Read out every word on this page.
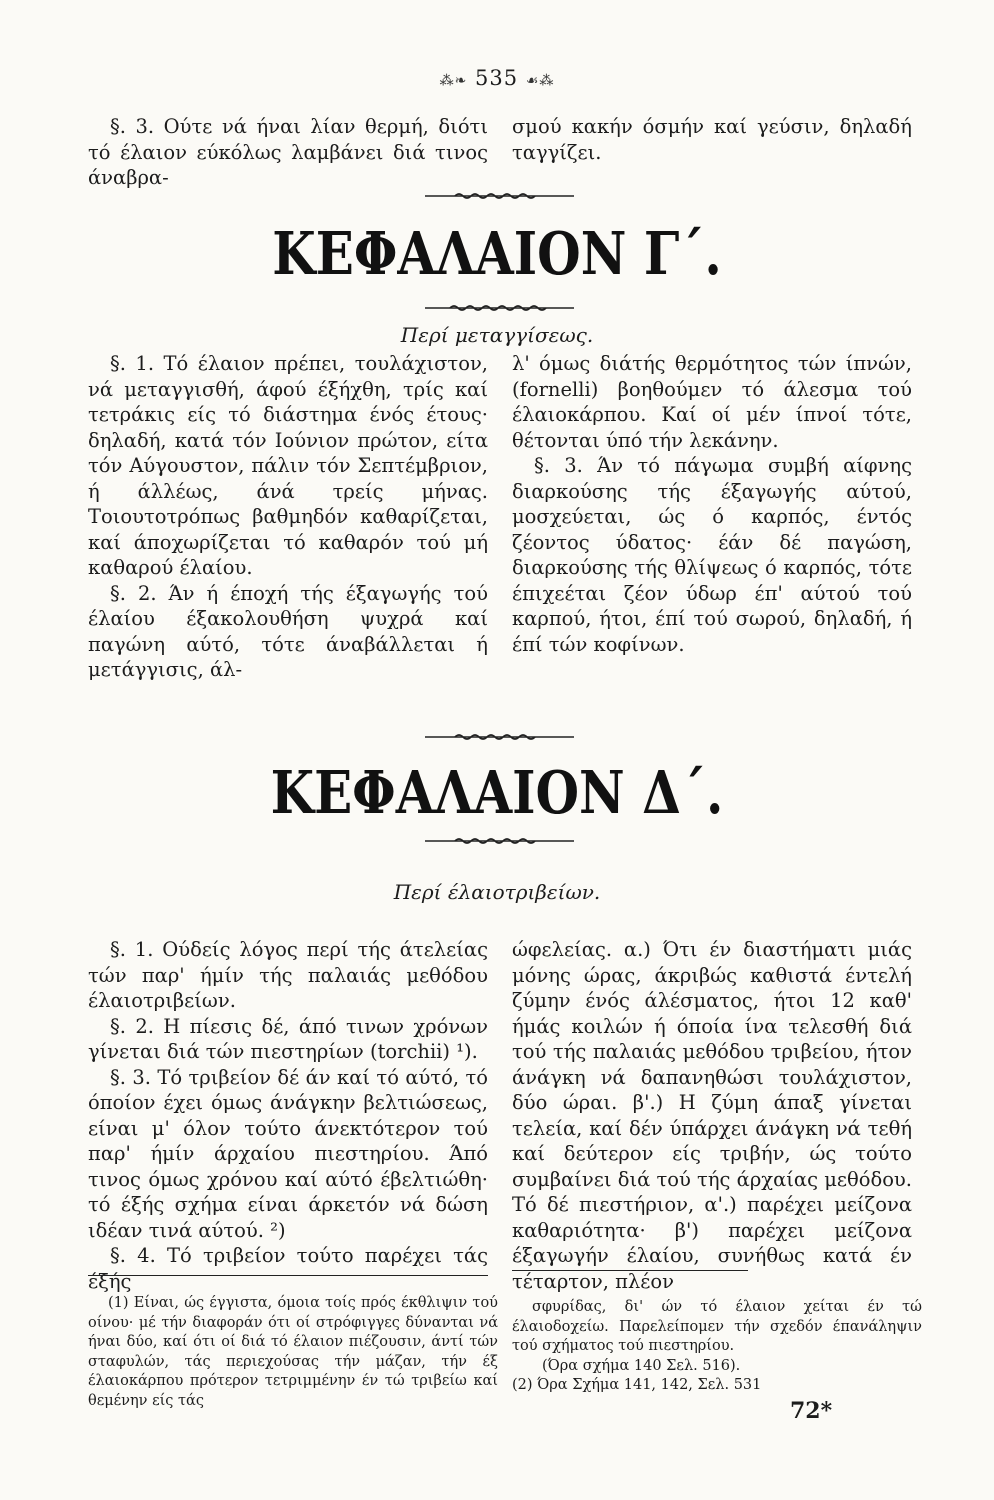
⁂❧ 535 ☙⁂

§. 3. Ούτε νά ήναι λίαν θερμή, διότι τό έλαιον εύκόλως λαμβάνει διά τινος άναβρα-

σμού κακήν όσμήν καί γεύσιν, δηλαδή ταγγίζει.

ΚΕΦΑΛΑΙΟΝ Γ΄.
Περί μεταγγίσεως.

§. 1. Τό έλαιον πρέπει, τουλάχιστον, νά μεταγγισθή, άφού έξήχθη, τρίς καί τετράκις είς τό διάστημα ένός έτους· δηλαδή, κατά τόν Ιούνιον πρώτον, είτα τόν Αύγουστον, πάλιν τόν Σεπτέμβριον, ή άλλέως, άνά τρείς μήνας. Τοιουτοτρόπως βαθμηδόν καθαρίζεται, καί άποχωρίζεται τό καθαρόν τού μή καθαρού έλαίου.

§. 2. Άν ή έποχή τής έξαγωγής τού έλαίου έξακολουθήση ψυχρά καί παγώνη αύτό, τότε άναβάλλεται ή μετάγγισις, άλ-

λ' όμως διάτής θερμότητος τών ίπνών, (fornelli) βοηθούμεν τό άλεσμα τού έλαιοκάρπου. Καί οί μέν ίπνοί τότε, θέτονται ύπό τήν λεκάνην.

§. 3. Άν τό πάγωμα συμβή αίφνης διαρκούσης τής έξαγωγής αύτού, μοσχεύεται, ώς ό καρπός, έντός ζέοντος ύδατος· έάν δέ παγώση, διαρκούσης τής θλίψεως ό καρπός, τότε έπιχεέται ζέον ύδωρ έπ' αύτού τού καρπού, ήτοι, έπί τού σωρού, δηλαδή, ή έπί τών κοφίνων.

ΚΕΦΑΛΑΙΟΝ Δ΄.
Περί έλαιοτριβείων.

§. 1. Ούδείς λόγος περί τής άτελείας τών παρ' ήμίν τής παλαιάς μεθόδου έλαιοτριβείων.

§. 2. Η πίεσις δέ, άπό τινων χρόνων γίνεται διά τών πιεστηρίων (torchii) ¹).

§. 3. Τό τριβείον δέ άν καί τό αύτό, τό όποίον έχει όμως άνάγκην βελτιώσεως, είναι μ' όλον τούτο άνεκτότερον τού παρ' ήμίν άρχαίου πιεστηρίου. Άπό τινος όμως χρόνου καί αύτό έβελτιώθη· τό έξής σχήμα είναι άρκετόν νά δώση ιδέαν τινά αύτού. ²)

§. 4. Τό τριβείον τούτο παρέχει τάς έξής

ώφελείας. α.) Ότι έν διαστήματι μιάς μόνης ώρας, άκριβώς καθιστά έντελή ζύμην ένός άλέσματος, ήτοι 12 καθ' ήμάς κοιλών ή όποία ίνα τελεσθή διά τού τής παλαιάς μεθόδου τριβείου, ήτον άνάγκη νά δαπανηθώσι τουλάχιστον, δύο ώραι. β'.) Η ζύμη άπαξ γίνεται τελεία, καί δέν ύπάρχει άνάγκη νά τεθή καί δεύτερον είς τριβήν, ώς τούτο συμβαίνει διά τού τής άρχαίας μεθόδου. Τό δέ πιεστήριον, α'.) παρέχει μείζονα καθαριότητα· β') παρέχει μείζονα έξαγωγήν έλαίου, συνήθως κατά έν τέταρτον, πλέον

(1) Είναι, ώς έγγιστα, όμοια τοίς πρός έκθλιψιν τού οίνου· μέ τήν διαφοράν ότι οί στρόφιγγες δύνανται νά ήναι δύο, καί ότι οί διά τό έλαιον πιέζουσιν, άντί τών σταφυλών, τάς περιεχούσας τήν μάζαν, τήν έξ έλαιοκάρπου πρότερον τετριμμένην έν τώ τριβείω καί θεμένην είς τάς

σφυρίδας, δι' ών τό έλαιον χείται έν τώ έλαιοδοχείω. Παρελείπομεν τήν σχεδόν έπανάληψιν τού σχήματος τού πιεστηρίου.

(Όρα σχήμα 140 Σελ. 516).

(2) Όρα Σχήμα 141, 142, Σελ. 531

72*
